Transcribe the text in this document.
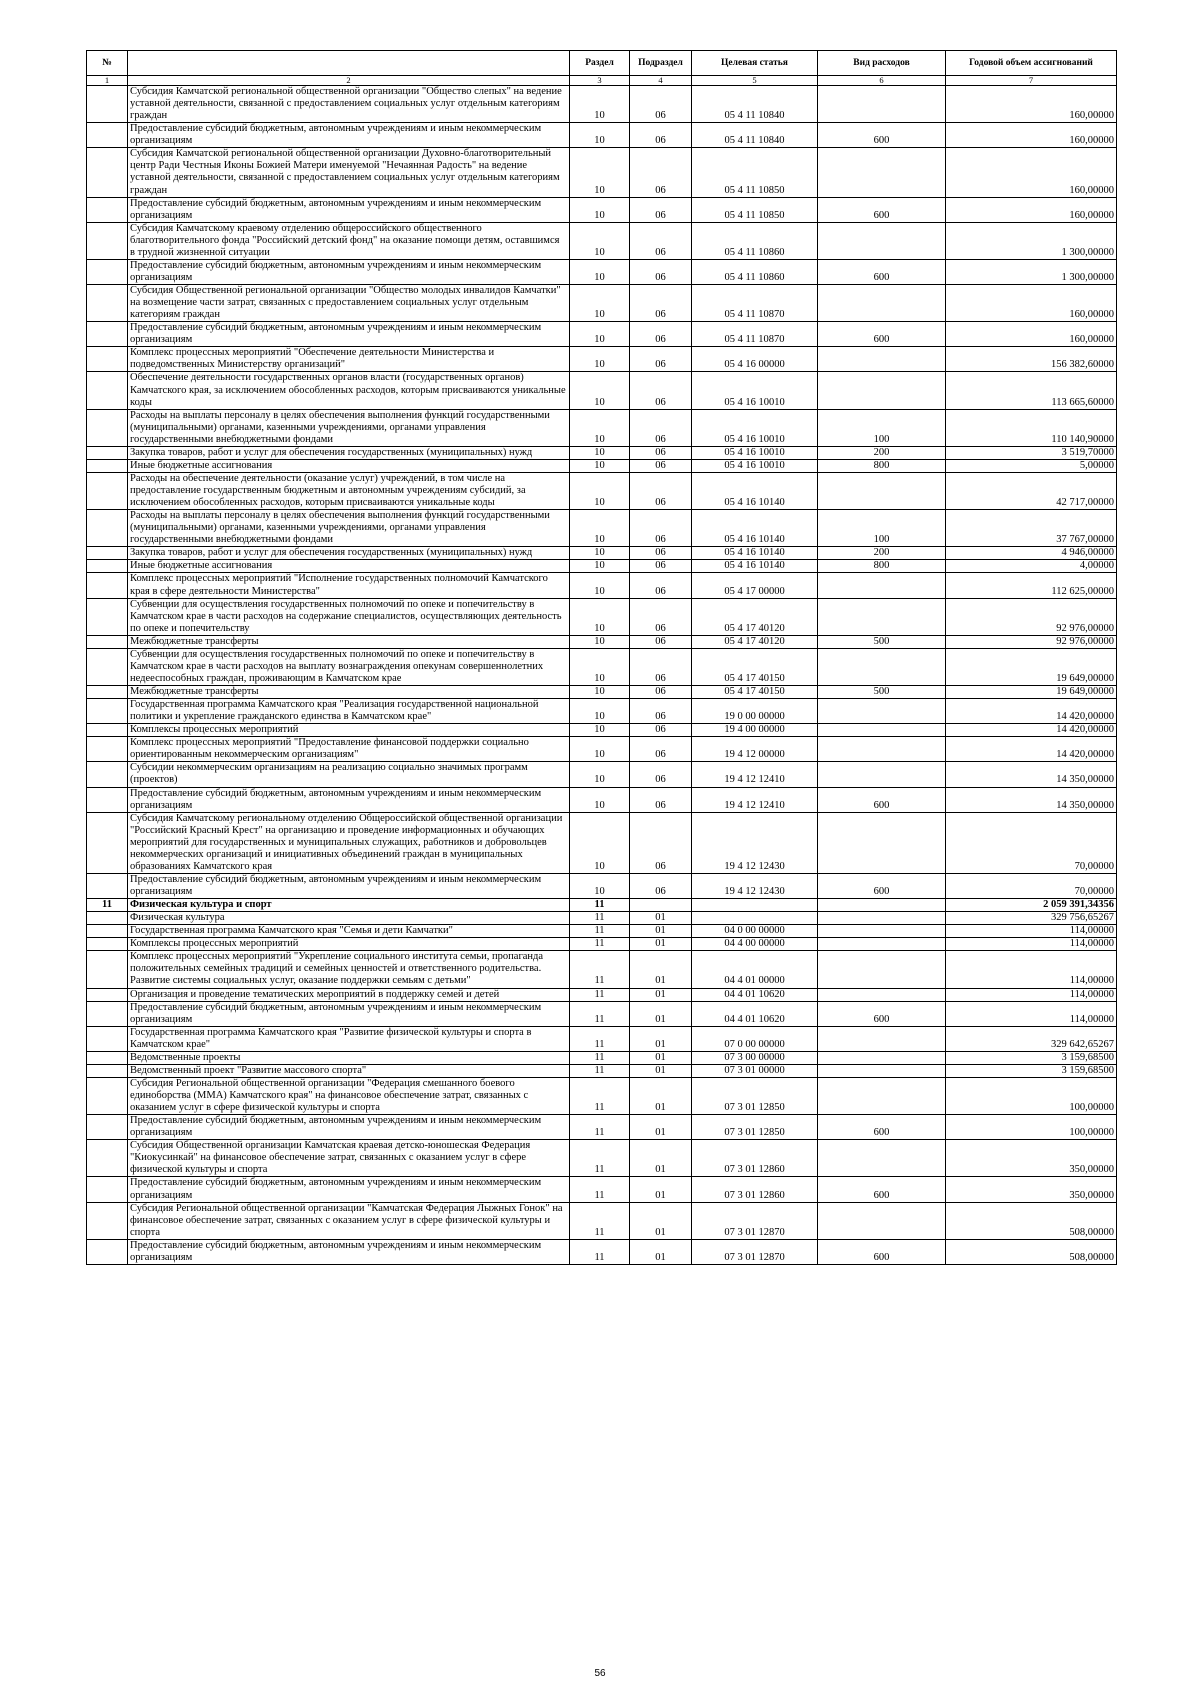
№		Раздел	Подраздел	Целевая статья	Вид расходов	Годовой объем ассигнований
1	2	3	4	5	6	7
	Субсидия Камчатской региональной общественной организации "Общество слепых" на ведение уставной деятельности, связанной с предоставлением социальных услуг отдельным категориям граждан	10	06	05 4 11 10840		160,00000
	Предоставление субсидий бюджетным, автономным учреждениям и иным некоммерческим организациям	10	06	05 4 11 10840	600	160,00000
	Субсидия Камчатской региональной общественной организации Духовно-благотворительный центр Ради Честныя Иконы Божией Матери именуемой "Нечаянная Радость" на ведение уставной деятельности, связанной с предоставлением социальных услуг отдельным категориям граждан	10	06	05 4 11 10850		160,00000
	Предоставление субсидий бюджетным, автономным учреждениям и иным некоммерческим организациям	10	06	05 4 11 10850	600	160,00000
	Субсидия Камчатскому краевому отделению общероссийского общественного благотворительного фонда "Российский детский фонд" на оказание помощи детям, оставшимся в трудной жизненной ситуации	10	06	05 4 11 10860		1 300,00000
	Предоставление субсидий бюджетным, автономным учреждениям и иным некоммерческим организациям	10	06	05 4 11 10860	600	1 300,00000
	Субсидия Общественной региональной организации "Общество молодых инвалидов Камчатки" на возмещение части затрат, связанных с предоставлением социальных услуг отдельным категориям граждан	10	06	05 4 11 10870		160,00000
	Предоставление субсидий бюджетным, автономным учреждениям и иным некоммерческим организациям	10	06	05 4 11 10870	600	160,00000
	Комплекс процессных мероприятий "Обеспечение деятельности Министерства и подведомственных Министерству организаций"	10	06	05 4 16 00000		156 382,60000
	Обеспечение деятельности государственных органов власти (государственных органов) Камчатского края, за исключением обособленных расходов, которым присваиваются уникальные коды	10	06	05 4 16 10010		113 665,60000
	Расходы на выплаты персоналу в целях обеспечения выполнения функций государственными (муниципальными) органами, казенными учреждениями, органами управления государственными внебюджетными фондами	10	06	05 4 16 10010	100	110 140,90000
	Закупка товаров, работ и услуг для обеспечения государственных (муниципальных) нужд	10	06	05 4 16 10010	200	3 519,70000
	Иные бюджетные ассигнования	10	06	05 4 16 10010	800	5,00000
	Расходы на обеспечение деятельности (оказание услуг) учреждений, в том числе на предоставление государственным бюджетным и автономным учреждениям субсидий, за исключением обособленных расходов, которым присваиваются уникальные коды	10	06	05 4 16 10140		42 717,00000
	Расходы на выплаты персоналу в целях обеспечения выполнения функций государственными (муниципальными) органами, казенными учреждениями, органами управления государственными внебюджетными фондами	10	06	05 4 16 10140	100	37 767,00000
	Закупка товаров, работ и услуг для обеспечения государственных (муниципальных) нужд	10	06	05 4 16 10140	200	4 946,00000
	Иные бюджетные ассигнования	10	06	05 4 16 10140	800	4,00000
	Комплекс процессных мероприятий "Исполнение государственных полномочий Камчатского края в сфере деятельности Министерства"	10	06	05 4 17 00000		112 625,00000
	Субвенции для осуществления государственных полномочий по опеке и попечительству в Камчатском крае в части расходов на содержание специалистов, осуществляющих деятельность по опеке и попечительству	10	06	05 4 17 40120		92 976,00000
	Межбюджетные трансферты	10	06	05 4 17 40120	500	92 976,00000
	Субвенции для осуществления государственных полномочий по опеке и попечительству в Камчатском крае в части расходов на выплату вознаграждения опекунам совершеннолетних недееспособных граждан, проживающим в Камчатском крае	10	06	05 4 17 40150		19 649,00000
	Межбюджетные трансферты	10	06	05 4 17 40150	500	19 649,00000
	Государственная программа Камчатского края "Реализация государственной национальной политики и укрепление гражданского единства в Камчатском крае"	10	06	19 0 00 00000		14 420,00000
	Комплексы процессных мероприятий	10	06	19 4 00 00000		14 420,00000
	Комплекс процессных мероприятий "Предоставление финансовой поддержки социально ориентированным некоммерческим организациям"	10	06	19 4 12 00000		14 420,00000
	Субсидии некоммерческим организациям на реализацию социально значимых программ (проектов)	10	06	19 4 12 12410		14 350,00000
	Предоставление субсидий бюджетным, автономным учреждениям и иным некоммерческим организациям	10	06	19 4 12 12410	600	14 350,00000
	Субсидия Камчатскому региональному отделению Общероссийской общественной организации "Российский Красный Крест" на организацию и проведение информационных и обучающих мероприятий для государственных и муниципальных служащих, работников и добровольцев некоммерческих организаций и инициативных объединений граждан в муниципальных образованиях Камчатского края	10	06	19 4 12 12430		70,00000
	Предоставление субсидий бюджетным, автономным учреждениям и иным некоммерческим организациям	10	06	19 4 12 12430	600	70,00000
11	Физическая культура и спорт	11				2 059 391,34356
	Физическая культура	11	01			329 756,65267
	Государственная программа Камчатского края "Семья и дети Камчатки"	11	01	04 0 00 00000		114,00000
	Комплексы процессных мероприятий	11	01	04 4 00 00000		114,00000
	Комплекс процессных мероприятий "Укрепление социального института семьи, пропаганда положительных семейных традиций и семейных ценностей и ответственного родительства. Развитие системы социальных услуг, оказание поддержки семьям с детьми"	11	01	04 4 01 00000		114,00000
	Организация и проведение тематических мероприятий в поддержку семей и детей	11	01	04 4 01 10620		114,00000
	Предоставление субсидий бюджетным, автономным учреждениям и иным некоммерческим организациям	11	01	04 4 01 10620	600	114,00000
	Государственная программа Камчатского края "Развитие физической культуры и спорта в Камчатском крае"	11	01	07 0 00 00000		329 642,65267
	Ведомственные проекты	11	01	07 3 00 00000		3 159,68500
	Ведомственный проект "Развитие массового спорта"	11	01	07 3 01 00000		3 159,68500
	Субсидия Региональной общественной организации "Федерация смешанного боевого единоборства (ММА) Камчатского края" на финансовое обеспечение затрат, связанных с оказанием услуг в сфере физической культуры и спорта	11	01	07 3 01 12850		100,00000
	Предоставление субсидий бюджетным, автономным учреждениям и иным некоммерческим организациям	11	01	07 3 01 12850	600	100,00000
	Субсидия Общественной организации Камчатская краевая детско-юношеская Федерация "Киокусинкай" на финансовое обеспечение затрат, связанных с оказанием услуг в сфере физической культуры и спорта	11	01	07 3 01 12860		350,00000
	Предоставление субсидий бюджетным, автономным учреждениям и иным некоммерческим организациям	11	01	07 3 01 12860	600	350,00000
	Субсидия Региональной общественной организации "Камчатская Федерация Лыжных Гонок" на финансовое обеспечение затрат, связанных с оказанием услуг в сфере физической культуры и спорта	11	01	07 3 01 12870		508,00000
	Предоставление субсидий бюджетным, автономным учреждениям и иным некоммерческим организациям	11	01	07 3 01 12870	600	508,00000
56
